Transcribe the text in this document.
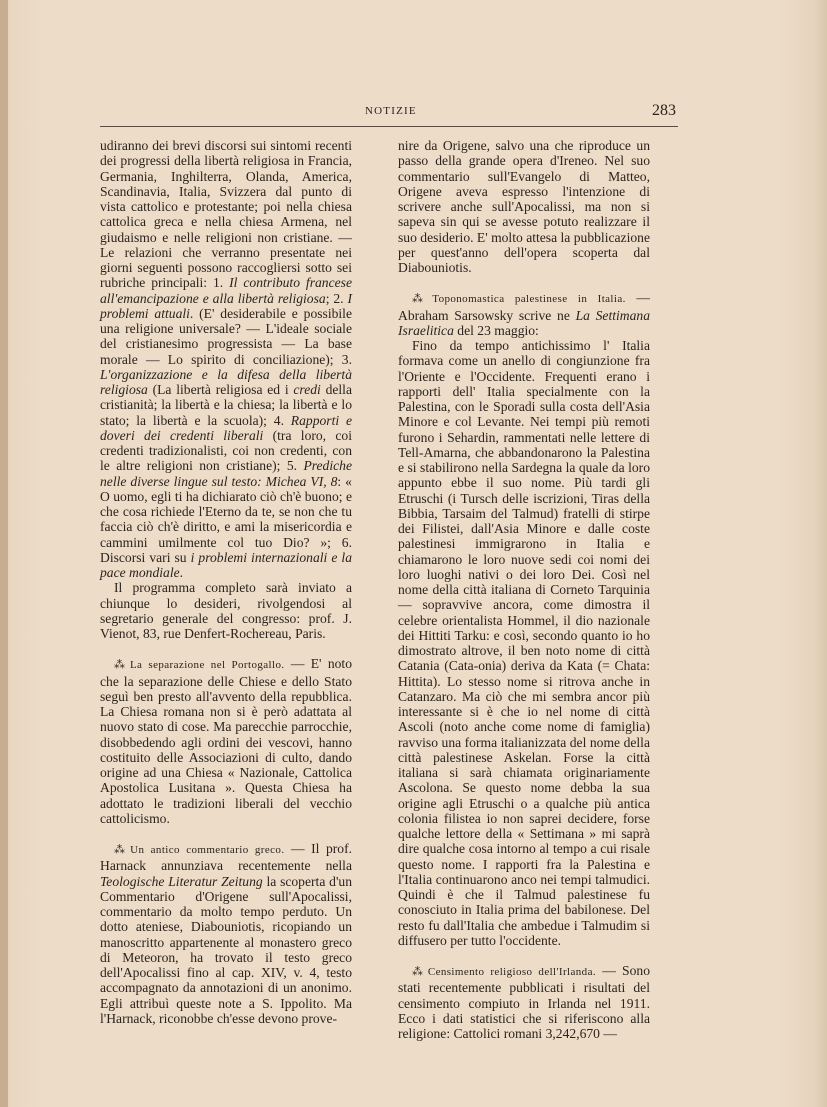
NOTIZIE	283

udiranno dei brevi discorsi sui sintomi recenti dei progressi della libertà religiosa in Francia, Germania, Inghilterra, Olanda, America, Scandinavia, Italia, Svizzera dal punto di vista cattolico e protestante; poi nella chiesa cattolica greca e nella chiesa Armena, nel giudaismo e nelle religioni non cristiane. — Le relazioni che verranno presentate nei giorni seguenti possono raccogliersi sotto sei rubriche principali: 1. Il contributo francese all'emancipazione e alla libertà religiosa; 2. I problemi attuali. (E' desiderabile e possibile una religione universale? — L'ideale sociale del cristianesimo progressista — La base morale — Lo spirito di conciliazione); 3. L'organizzazione e la difesa della libertà religiosa (La libertà religiosa ed i credi della cristianità; la libertà e la chiesa; la libertà e lo stato; la libertà e la scuola); 4. Rapporti e doveri dei credenti liberali (tra loro, coi credenti tradizionalisti, coi non credenti, con le altre religioni non cristiane); 5. Prediche nelle diverse lingue sul testo: Michea VI, 8: « O uomo, egli ti ha dichiarato ciò ch'è buono; e che cosa richiede l'Eterno da te, se non che tu faccia ciò ch'è diritto, e ami la misericordia e cammini umilmente col tuo Dio? »; 6. Discorsi vari su i problemi internazionali e la pace mondiale.

Il programma completo sarà inviato a chiunque lo desideri, rivolgendosi al segretario generale del congresso: prof. J. Vienot, 83, rue Denfert-Rochereau, Paris.

⁂ La separazione nel Portogallo. — E' noto che la separazione delle Chiese e dello Stato seguì ben presto all'avvento della repubblica. La Chiesa romana non si è però adattata al nuovo stato di cose. Ma parecchie parrocchie, disobbedendo agli ordini dei vescovi, hanno costituito delle Associazioni di culto, dando origine ad una Chiesa « Nazionale, Cattolica Apostolica Lusitana ». Questa Chiesa ha adottato le tradizioni liberali del vecchio cattolicismo.

⁂ Un antico commentario greco. — Il prof. Harnack annunziava recentemente nella Teologische Literatur Zeitung la scoperta d'un Commentario d'Origene sull'Apocalissi, commentario da molto tempo perduto. Un dotto ateniese, Diabouniotis, ricopiando un manoscritto appartenente al monastero greco di Meteoron, ha trovato il testo greco dell'Apocalissi fino al cap. XIV, v. 4, testo accompagnato da annotazioni di un anonimo. Egli attribuì queste note a S. Ippolito. Ma l'Harnack, riconobbe ch'esse devono prove-

nire da Origene, salvo una che riproduce un passo della grande opera d'Ireneo. Nel suo commentario sull'Evangelo di Matteo, Origene aveva espresso l'intenzione di scrivere anche sull'Apocalissi, ma non si sapeva sin qui se avesse potuto realizzare il suo desiderio. E' molto attesa la pubblicazione per quest'anno dell'opera scoperta dal Diabouniotis.

⁂ Toponomastica palestinese in Italia. —Abraham Sarsowsky scrive ne La Settimana Israelitica del 23 maggio:

Fino da tempo antichissimo l' Italia formava come un anello di congiunzione fra l'Oriente e l'Occidente. Frequenti erano i rapporti dell' Italia specialmente con la Palestina, con le Sporadi sulla costa dell'Asia Minore e col Levante. Nei tempi più remoti furono i Sehardin, rammentati nelle lettere di Tell-Amarna, che abbandonarono la Palestina e si stabilirono nella Sardegna la quale da loro appunto ebbe il suo nome. Più tardi gli Etruschi (i Tursch delle iscrizioni, Tiras della Bibbia, Tarsaim del Talmud) fratelli di stirpe dei Filistei, dall'Asia Minore e dalle coste palestinesi immigrarono in Italia e chiamarono le loro nuove sedi coi nomi dei loro luoghi nativi o dei loro Dei. Così nel nome della città italiana di Corneto Tarquinia — sopravvive ancora, come dimostra il celebre orientalista Hommel, il dio nazionale dei Hittiti Tarku: e così, secondo quanto io ho dimostrato altrove, il ben noto nome di città Catania (Cata-onia) deriva da Kata (= Chata: Hittita). Lo stesso nome si ritrova anche in Catanzaro. Ma ciò che mi sembra ancor più interessante si è che io nel nome di città Ascoli (noto anche come nome di famiglia) ravviso una forma italianizzata del nome della città palestinese Askelan. Forse la città italiana si sarà chiamata originariamente Ascolona. Se questo nome debba la sua origine agli Etruschi o a qualche più antica colonia filistea io non saprei decidere, forse qualche lettore della « Settimana » mi saprà dire qualche cosa intorno al tempo a cui risale questo nome. I rapporti fra la Palestina e l'Italia continuarono anco nei tempi talmudici. Quindi è che il Talmud palestinese fu conosciuto in Italia prima del babilonese. Del resto fu dall'Italia che ambedue i Talmudim si diffusero per tutto l'occidente.

⁂ Censimento religioso dell'Irlanda. — Sono stati recentemente pubblicati i risultati del censimento compiuto in Irlanda nel 1911. Ecco i dati statistici che si riferiscono alla religione: Cattolici romani 3,242,670 —
